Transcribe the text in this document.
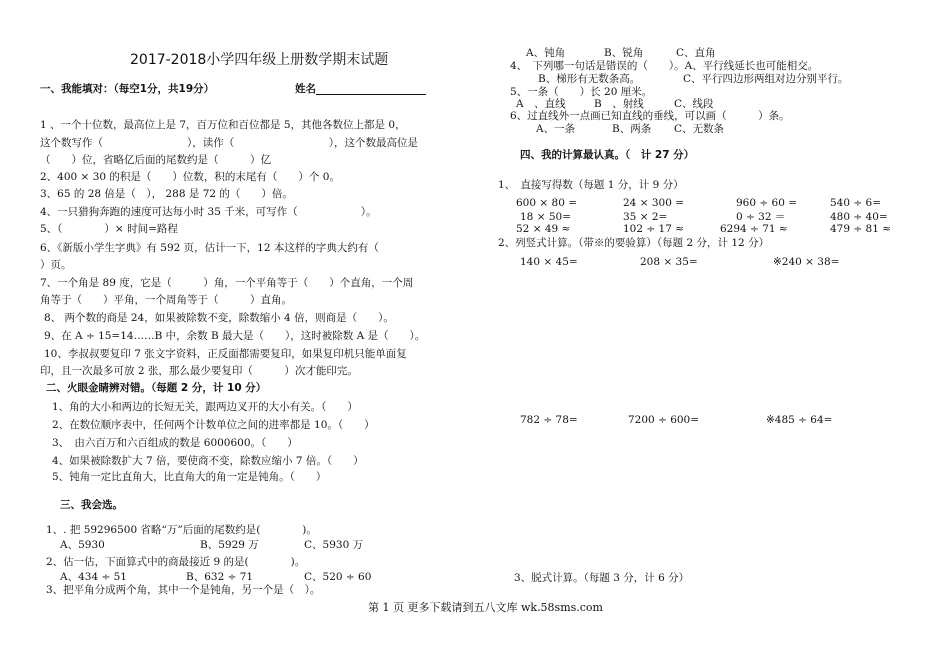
2017-2018小学四年级上册数学期末试题
一、我能填对：（每空1分，共19分）	姓名
1 、一个十位数，最高位上是 7，百万位和百位都是 5，其他各数位上都是 0，
这个数写作（　　　　　　　　），读作（　　　　　　　　　），这个数最高位是
（　　）位，省略亿后面的尾数约是（　　　）亿
2、400 × 30 的积是（　　）位数，积的末尾有（　　）个 0。
3、65 的 28 倍是（　）， 288 是 72 的（　　）倍。
4、一只猎狗奔跑的速度可达每小时 35 千米，可写作（　　　　　　）。
5、（　　　　）× 时间=路程
6、《新版小学生字典》有 592 页，估计一下，12 本这样的字典大约有（
）页。
7、一个角是 89 度，它是（　　　）角，一个平角等于（　　）个直角，一个周
角等于（　　）平角，一个周角等于（　　　）直角。
8、 两个数的商是 24，如果被除数不变，除数缩小 4 倍，则商是（　　）。
9、在 A ÷ 15=14……B 中，余数 B 最大是（　　），这时被除数 A 是（　　）。
10、李叔叔要复印 7 张文字资料，正反面都需要复印，如果复印机只能单面复
印，且一次最多可放 2 张，那么最少要复印（　　　）次才能印完。
二、火眼金睛辨对错。（每题 2 分，计 10 分）
1、角的大小和两边的长短无关，跟两边叉开的大小有关。（　　）
2、在数位顺序表中，任何两个计数单位之间的进率都是 10。（　　）
3、　由六百万和六百组成的数是 6000600。（　　）
4、如果被除数扩大 7 倍，要使商不变，除数应缩小 7 倍。（　　）
5、钝角一定比直角大，比直角大的角一定是钝角。（　　）
三、我会选。
1、. 把 59296500 省略“万”后面的尾数约是(　　　　)。
A、5930	B、5929 万	C、5930 万
2、估一估，下面算式中的商最接近 9 的是(　　　　)。
A、434 ÷ 51	B、632 ÷ 71	C、520 ÷ 60
3、把平角分成两个角，其中一个是钝角，另一个是（　）。
A、钝角	B、锐角	C、直角
4、　下列哪一句话是错误的（　　）。A、平行线延长也可能相交。
B、梯形有无数条高。	C、平行四边形两组对边分别平行。
5、一条（　　）长 20 厘米。
A　、直线	B　、射线	C、线段
6、过直线外一点画已知直线的垂线，可以画（　　　）条。
A、一条	B、两条 C、无数条
四、我的计算最认真。（　计 27 分）
1、　直接写得数（每题 1 分，计 9 分）
600 × 80 =	24 × 300 =	960 ÷ 60 =	540 ÷ 6=
18 × 50=	35 × 2=	0 ÷ 32 ＝	480 ÷ 40=
52 × 49 ≈	102 ÷ 17 ≈	6294 ÷ 71 ≈	479 ÷ 81 ≈
2、列竖式计算。（带※的要验算）（每题 2 分，计 12 分）
140 × 45=	208 × 35=	※240 × 38=
782 ÷ 78=	7200 ÷ 600=	※485 ÷ 64=
3、脱式计算。（每题 3 分，计 6 分）
第 1 页 更多下载请到五八文库 wk.58sms.com
